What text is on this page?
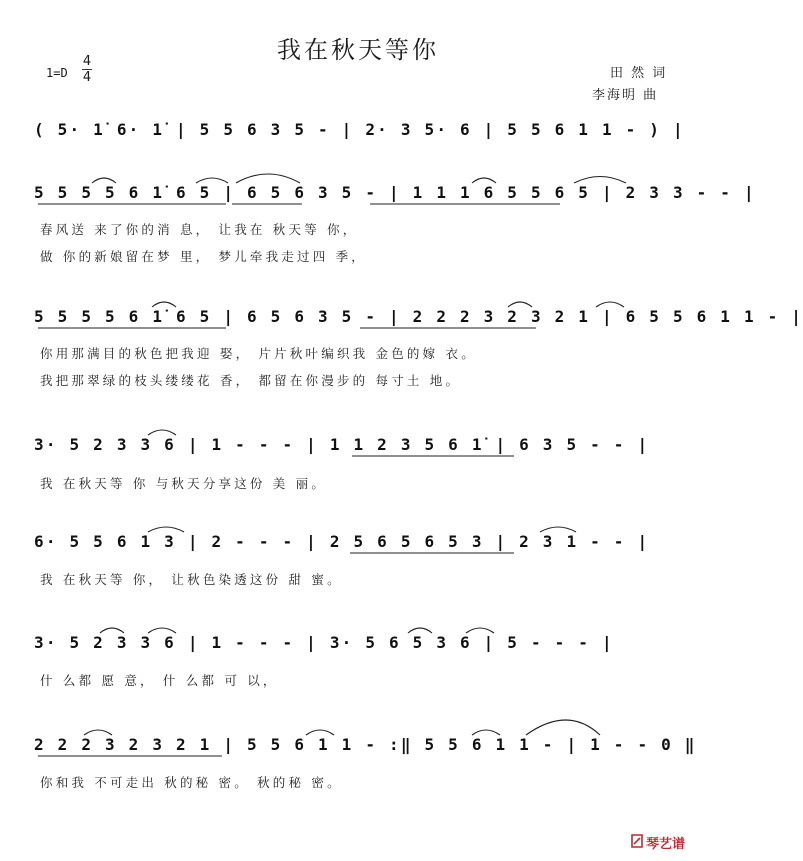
我在秋天等你
1=D
4
4	田 然 词
李海明 曲
( 5· 1̇ 6· 1̇ | 5 5 6 3 5 - | 2· 3 5· 6 | 5 5 6 1 1 - ) |
5 5 5 5 6 1̇ 6 5 | 6 5 6 3 5 - | 1 1 1 6 5 5 6 5 | 2 3 3 - - |
春风送 来了你的消 息， 让我在 秋天等 你，
做 你的新娘留在梦 里， 梦儿牵我走过四 季，
5 5 5 5 6 1̇ 6 5 | 6 5 6 3 5 - | 2 2 2 3 2 3 2 1 | 6 5 5 6 1 1 - |
你用那满目的秋色把我迎 娶， 片片秋叶编织我 金色的嫁 衣。
我把那翠绿的枝头缕缕花 香， 都留在你漫步的 每寸土 地。
3· 5 2 3 3 6 | 1 - - - | 1 1 2 3 5 6 1̇ | 6 3 5 - - |
我 在秋天等 你 与秋天分享这份 美 丽。
6· 5 5 6 1 3 | 2 - - - | 2 5 6 5 6 5 3 | 2 3 1 - - |
我 在秋天等 你， 让秋色染透这份 甜 蜜。
3· 5 2 3 3 6 | 1 - - - | 3· 5 6 5 3 6 | 5 - - - |
什 么都 愿 意， 什 么都 可 以，
2 2 2 3 2 3 2 1 | 5 5 6 1 1 - :‖ 5 5 6 1 1 - | 1 - - 0 ‖
你和我 不可走出 秋的秘 密。 秋的秘 密。
琴艺谱
